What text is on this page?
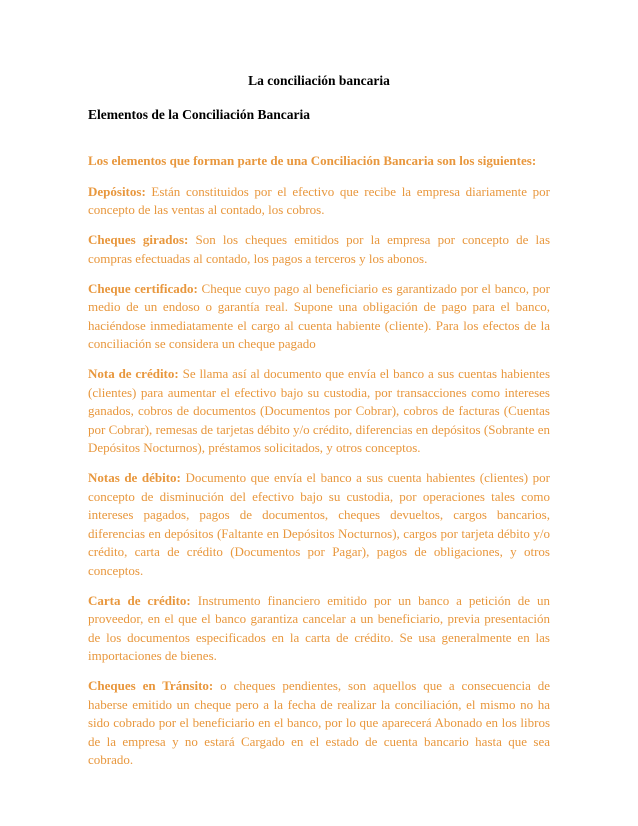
La conciliación bancaria
Elementos de la Conciliación Bancaria

Los elementos que forman parte de una Conciliación Bancaria son los siguientes:

Depósitos: Están constituidos por el efectivo que recibe la empresa diariamente por concepto de las ventas al contado, los cobros.

Cheques girados: Son los cheques emitidos por la empresa por concepto de las compras efectuadas al contado, los pagos a terceros y los abonos.

Cheque certificado: Cheque cuyo pago al beneficiario es garantizado por el banco, por medio de un endoso o garantía real. Supone una obligación de pago para el banco, haciéndose inmediatamente el cargo al cuenta habiente (cliente). Para los efectos de la conciliación se considera un cheque pagado

Nota de crédito: Se llama así al documento que envía el banco a sus cuentas habientes (clientes) para aumentar el efectivo bajo su custodia, por transacciones como intereses ganados, cobros de documentos (Documentos por Cobrar), cobros de facturas (Cuentas por Cobrar), remesas de tarjetas débito y/o crédito, diferencias en depósitos (Sobrante en Depósitos Nocturnos), préstamos solicitados, y otros conceptos.

Notas de débito: Documento que envía el banco a sus cuenta habientes (clientes) por concepto de disminución del efectivo bajo su custodia, por operaciones tales como intereses pagados, pagos de documentos, cheques devueltos, cargos bancarios, diferencias en depósitos (Faltante en Depósitos Nocturnos), cargos por tarjeta débito y/o crédito, carta de crédito (Documentos por Pagar), pagos de obligaciones, y otros conceptos.

Carta de crédito: Instrumento financiero emitido por un banco a petición de un proveedor, en el que el banco garantiza cancelar a un beneficiario, previa presentación de los documentos especificados en la carta de crédito. Se usa generalmente en las importaciones de bienes.

Cheques en Tránsito: o cheques pendientes, son aquellos que a consecuencia de haberse emitido un cheque pero a la fecha de realizar la conciliación, el mismo no ha sido cobrado por el beneficiario en el banco, por lo que aparecerá Abonado en los libros de la empresa y no estará Cargado en el estado de cuenta bancario hasta que sea cobrado.
